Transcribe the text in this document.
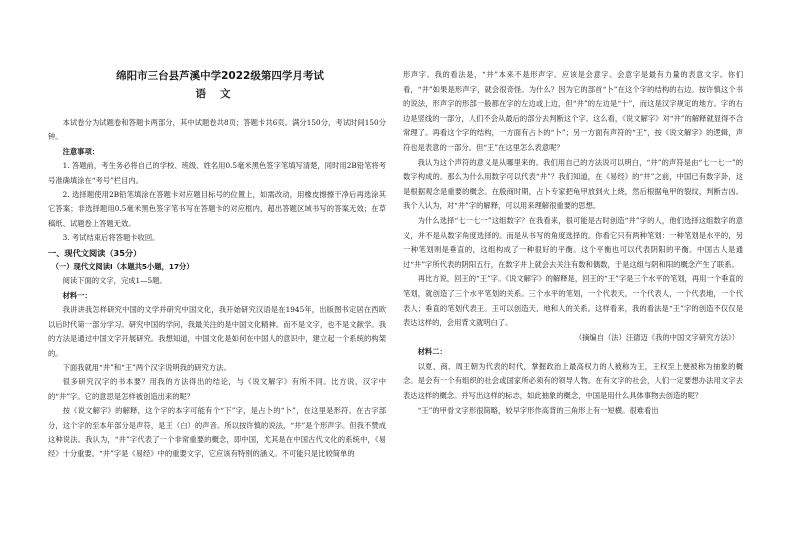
绵阳市三台县芦溪中学2022级第四学月考试
语文

本试卷分为试题卷和答题卡两部分，其中试题卷共8页；答题卡共6页。满分150分，考试时间150分钟。

注意事项：

1. 答题前，考生务必将自己的学校、班级、姓名用0.5毫米黑色签字笔填写清楚，同时用2B铅笔将考号准确填涂在“考号”栏目内。

2. 选择题使用2B铅笔填涂在答题卡对应题目标号的位置上，如需改动，用橡皮擦擦干净后再选涂其它答案；非选择题用0.5毫米黑色签字笔书写在答题卡的对应框内，超出答题区域书写的答案无效；在草稿纸、试题卷上答题无效。

3. 考试结束后将答题卡收回。

一、现代文阅读（35分）

（一）现代文阅读Ⅰ（本题共5小题，17分）

阅读下面的文字，完成1—5题。

材料一：

我讲讲我怎样研究中国的文学并研究中国文化，我开始研究汉语是在1945年，出版图书定居在西欧以后时代第一部分学习。研究中国的学问，我最关注的是中国文化精神。而不是文字，也不是文献学。我的方法是通过中国文字开展研究。我想知道，中国文化是如何在中国人的意识中，建立起一个系统的构架的。

下面我就用“井”和“王”两个汉字说明我的研究方法。

很多研究汉字的书本要？用我的方法得出的结论，与《说文解字》有所不同。比方说，汉字中的“井”字。它的意思是怎样被创造出来的呢？

按《说文解字》的解释，这个字的本字可能有个“下”字，是占卜的“卜”，在这里是形符。在古字部分，这个字的至本年部分是声符，是王（白）的声音。所以按许慎的说法，“井”是个形声字。但我不赞成这种说法。我认为，“井”字代表了一个非常重要的概念，即中国，尤其是在中国古代文化的系统中，《易经》十分重要。“井”字是《易经》中的重要文字，它应该有特别的涵义。不可能只是比较简单的

形声字。我的看法是，“井”本来不是形声字。应该是会意字。会意字是最有力量的表意文字。你们看，“井”如果是形声字，就会很奇怪。为什么？因为它的部首“卜”在这个字的结构的右边。按许慎这个书的说法，形声字的形部一般都在字的左边或上边，但“井”的左边是“十”，而这是汉字规定的地方。字的右边是竖线的一部分，人们不会从最后的部分去判断这个字。这么看，《说文解字》对“井”的解释就显得不合常理了。再看这个字的结构，一方面有占卜的“卜”；另一方面有声符的“王”，按《说文解字》的逻辑，声符也是表意的一部分。但“王”在这里怎么表意呢？

我认为这个声符的意义是从哪里来的。我们用自己的方法说可以明白，“井”的声符是由“七一七一”的数字构成的。那么为什么用数字可以代表“井”？我们知道，在《易经》的“井”之前，中国已有数字卦，这是根据观念是重要的概念。在殷商时期，占卜专家把龟甲放到火上烧，然后根据龟甲的裂纹，判断吉凶。我个人认为，对“井”字的解释，可以用来理解很重要的思想。

为什么选择“七一七一”这组数字？在我看来，很可能是古时创造“井”字的人，他们选择这组数字的意义，并不是从数字角度选择的。而是从书写的角度选择的。你看它只有两种笔划：一种笔划是水平的，另一种笔划则是垂直的，这组构成了一种很好的平衡。这个平衡也可以代表阴阳的平衡。中国古人是通过“井”字所代表的阴阳五行，在数字井上就会去关注有数和偶数，于是这组与阴和阳的概念产生了联系。

再比方说，回王的“王”字。《说文解字》的解释是，回王的“王”字是三个水平的笔划，再用一个垂直的笔划，就创造了三个水平笔划的关系。三个水平的笔划，一个代表天，一个代表人，一个代表地，一个代表人；垂直的笔划代表王。王可以创造天、地和人的关系。这样看来，我的看法是“王”字的创造不仅仅是表达这样的，会用背文就明白了。

（摘编自（法）汪德迈《我的中国文字研究方法》）

材料二：

以夏、商、周王朝为代表的时代，掌握政治上最高权力的人被称为王，王权至上便被称为抽象的概念。是会有一个有组织的社会或国家所必须有的领导人物。在有文字的社会，人们一定要想办法用文字去表达这样的概念。并写出这样的标志，如此抽象的概念，中国是用什么具体事物去创造的呢？

“王”的甲骨文字形很简略，较早字形作高背的三角形上有一短横。很难看出
